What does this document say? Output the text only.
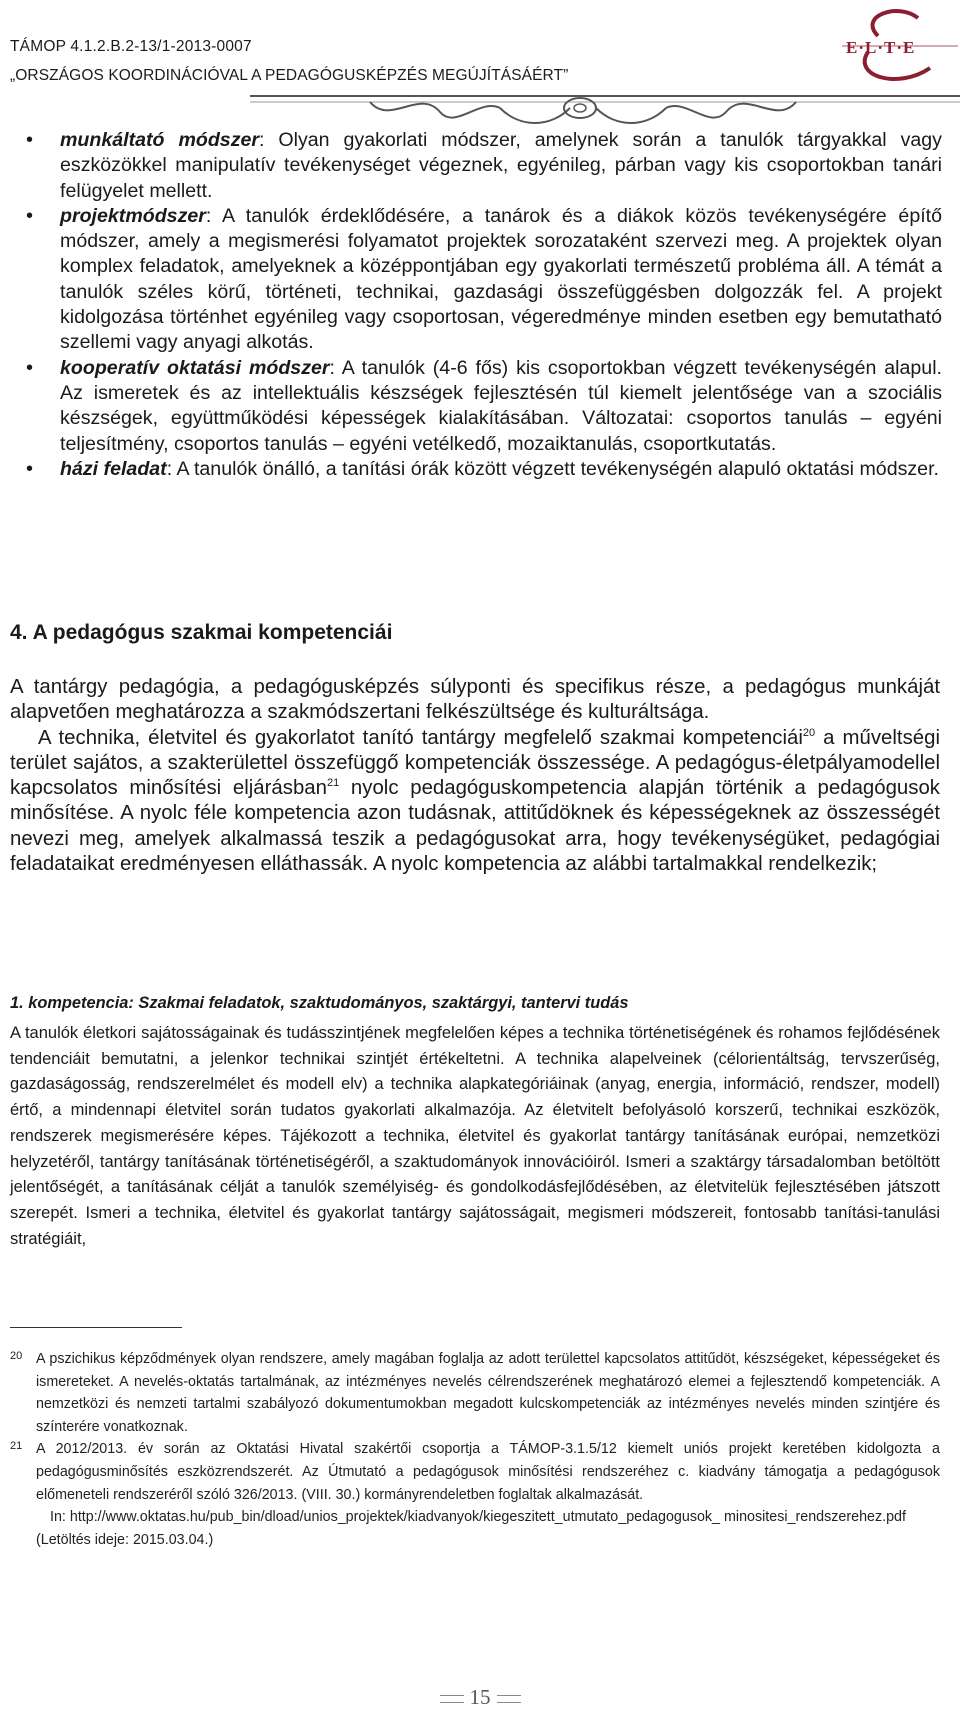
TÁMOP 4.1.2.B.2-13/1-2013-0007
„ORSZÁGOS KOORDINÁCIÓVAL A PEDAGÓGUSKÉPZÉS MEGÚJÍTÁSÁÉRT”
E·L·T·E
• munkáltató módszer: Olyan gyakorlati módszer, amelynek során a tanulók tárgyakkal vagy eszközökkel manipulatív tevékenységet végeznek, egyénileg, párban vagy kis csoportokban tanári felügyelet mellett.
• projektmódszer: A tanulók érdeklődésére, a tanárok és a diákok közös tevékenységére építő módszer, amely a megismerési folyamatot projektek sorozataként szervezi meg. A projektek olyan komplex feladatok, amelyeknek a középpontjában egy gyakorlati természetű probléma áll. A témát a tanulók széles körű, történeti, technikai, gazdasági összefüggésben dolgozzák fel. A projekt kidolgozása történhet egyénileg vagy csoportosan, végeredménye minden esetben egy bemutatható szellemi vagy anyagi alkotás.
• kooperatív oktatási módszer: A tanulók (4-6 fős) kis csoportokban végzett tevékenységén alapul. Az ismeretek és az intellektuális készségek fejlesztésén túl kiemelt jelentősége van a szociális készségek, együttműködési képességek kialakításában. Változatai: csoportos tanulás – egyéni teljesítmény, csoportos tanulás – egyéni vetélkedő, mozaiktanulás, csoportkutatás.
• házi feladat: A tanulók önálló, a tanítási órák között végzett tevékenységén alapuló oktatási módszer.
4. A pedagógus szakmai kompetenciái

A tantárgy pedagógia, a pedagógusképzés súlyponti és specifikus része, a pedagógus munkáját alapvetően meghatározza a szakmódszertani felkészültsége és kulturáltsága.

A technika, életvitel és gyakorlatot tanító tantárgy megfelelő szakmai kompetenciái$^{20}$ a műveltségi terület sajátos, a szakterülettel összefüggő kompetenciák összessége. A pedagógus-életpályamodellel kapcsolatos minősítési eljárásban$^{21}$ nyolc pedagóguskompetencia alapján történik a pedagógusok minősítése. A nyolc féle kompetencia azon tudásnak, attitűdöknek és képességeknek az összességét nevezi meg, amelyek alkalmassá teszik a pedagógusokat arra, hogy tevékenységüket, pedagógiai feladataikat eredményesen elláthassák. A nyolc kompetencia az alábbi tartalmakkal rendelkezik;

1. kompetencia: Szakmai feladatok, szaktudományos, szaktárgyi, tantervi tudás

A tanulók életkori sajátosságainak és tudásszintjének megfelelően képes a technika történetiségének és rohamos fejlődésének tendenciáit bemutatni, a jelenkor technikai szintjét értékeltetni. A technika alapelveinek (célorientáltság, tervszerűség, gazdaságosság, rendszerelmélet és modell elv) a technika alapkategóriáinak (anyag, energia, információ, rendszer, modell) értő, a mindennapi életvitel során tudatos gyakorlati alkalmazója. Az életvitelt befolyásoló korszerű, technikai eszközök, rendszerek megismerésére képes. Tájékozott a technika, életvitel és gyakorlat tantárgy tanításának európai, nemzetközi helyzetéről, tantárgy tanításának történetiségéről, a szaktudományok innovációiról. Ismeri a szaktárgy társadalomban betöltött jelentőségét, a tanításának célját a tanulók személyiség- és gondolkodásfejlődésében, az életvitelük fejlesztésében játszott szerepét. Ismeri a technika, életvitel és gyakorlat tantárgy sajátosságait, megismeri módszereit, fontosabb tanítási-tanulási stratégiáit,

20 A pszichikus képződmények olyan rendszere, amely magában foglalja az adott területtel kapcsolatos attitűdöt, készségeket, képességeket és ismereteket. A nevelés-oktatás tartalmának, az intézményes nevelés célrendszerének meghatározó elemei a fejlesztendő kompetenciák. A nemzetközi és nemzeti tartalmi szabályozó dokumentumokban megadott kulcskompetenciák az intézményes nevelés minden szintjére és színterére vonatkoznak.

21 A 2012/2013. év során az Oktatási Hivatal szakértői csoportja a TÁMOP-3.1.5/12 kiemelt uniós projekt keretében kidolgozta a pedagógusminősítés eszközrendszerét. Az Útmutató a pedagógusok minősítési rendszeréhez c. kiadvány támogatja a pedagógusok előmeneteli rendszeréről szóló 326/2013. (VIII. 30.) kormányrendeletben foglaltak alkalmazását.

In: http://www.oktatas.hu/pub_bin/dload/unios_projektek/kiadvanyok/kiegeszitett_utmutato_pedagogusok_ minositesi_rendszerehez.pdf (Letöltés ideje: 2015.03.04.)

15
